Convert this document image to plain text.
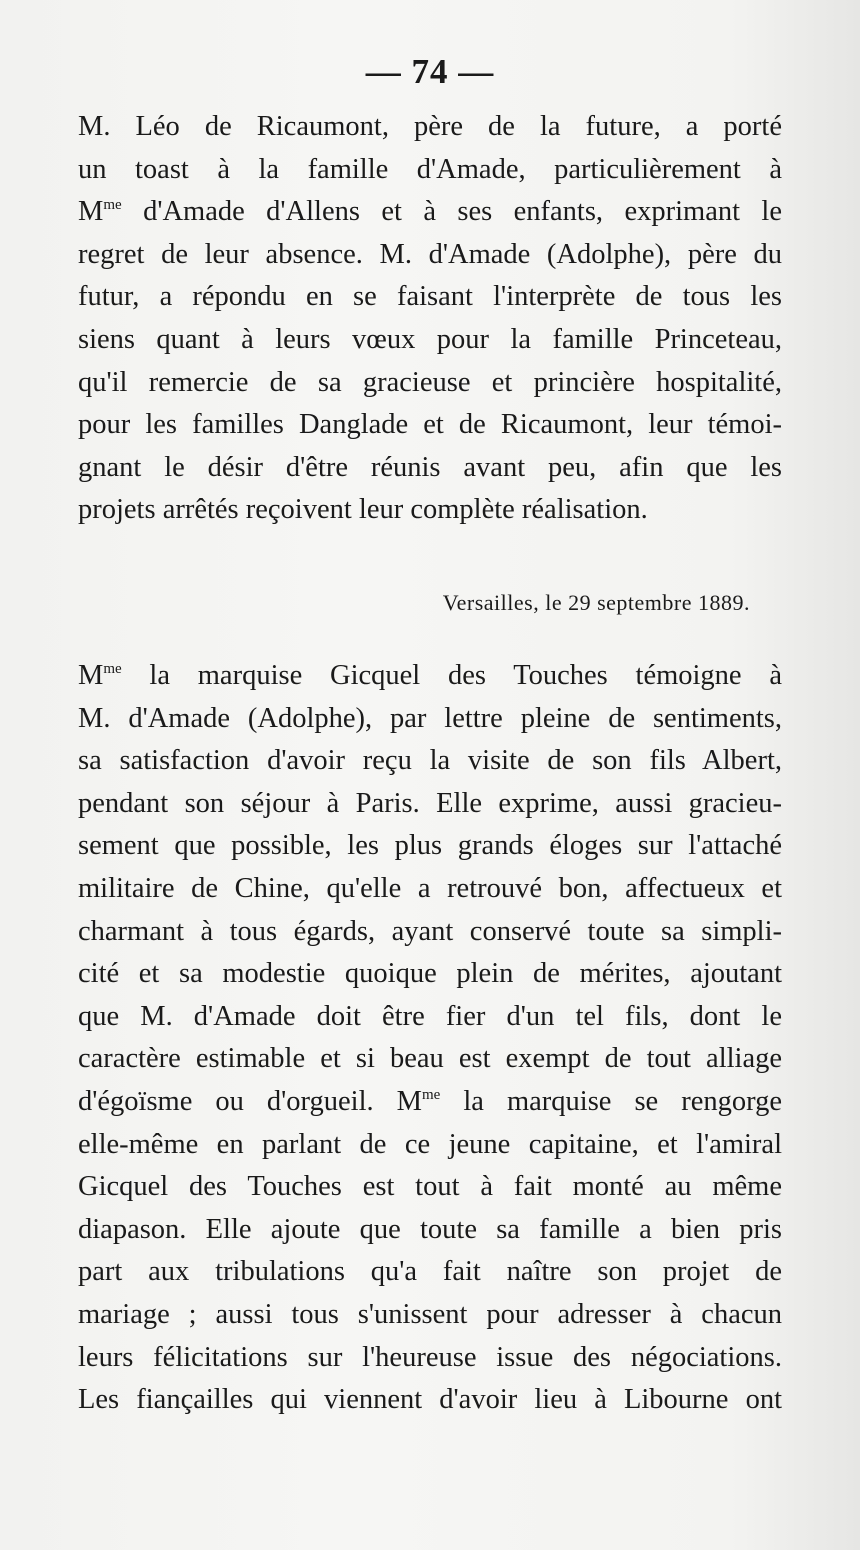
— 74 —
M. Léo de Ricaumont, père de la future, a porté
un toast à la famille d'Amade, particulièrement à
$M^{me}$ d'Amade d'Allens et à ses enfants, exprimant le
regret de leur absence. M. d'Amade (Adolphe), père du
futur, a répondu en se faisant l'interprète de tous les
siens quant à leurs vœux pour la famille Princeteau,
qu'il remercie de sa gracieuse et princière hospitalité,
pour les familles Danglade et de Ricaumont, leur témoi-
gnant le désir d'être réunis avant peu, afin que les
projets arrêtés reçoivent leur complète réalisation.
Versailles, le 29 septembre 1889.
$M^{me}$ la marquise Gicquel des Touches témoigne à
M. d'Amade (Adolphe), par lettre pleine de sentiments,
sa satisfaction d'avoir reçu la visite de son fils Albert,
pendant son séjour à Paris. Elle exprime, aussi gracieu-
sement que possible, les plus grands éloges sur l'attaché
militaire de Chine, qu'elle a retrouvé bon, affectueux et
charmant à tous égards, ayant conservé toute sa simpli-
cité et sa modestie quoique plein de mérites, ajoutant
que M. d'Amade doit être fier d'un tel fils, dont le
caractère estimable et si beau est exempt de tout alliage
d'égoïsme ou d'orgueil. $M^{me}$ la marquise se rengorge
elle-même en parlant de ce jeune capitaine, et l'amiral
Gicquel des Touches est tout à fait monté au même
diapason. Elle ajoute que toute sa famille a bien pris
part aux tribulations qu'a fait naître son projet de
mariage ; aussi tous s'unissent pour adresser à chacun
leurs félicitations sur l'heureuse issue des négociations.
Les fiançailles qui viennent d'avoir lieu à Libourne ont
